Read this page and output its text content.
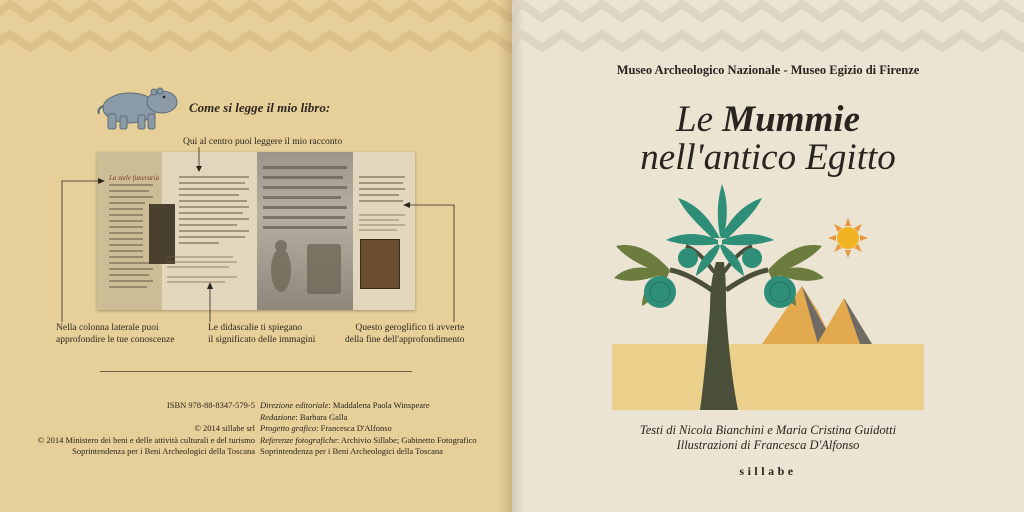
Come si legge il mio libro:
Qui al centro puoi leggere il mio racconto
La stele funeraria
Nella colonna laterale puoi
approfondire le tue conoscenze
Le didascalie ti spiegano
il significato delle immagini
Questo geroglifico ti avverte
della fine dell'approfondimento
ISBN 978-88-8347-579-5

© 2014 sillabe srl
© 2014 Ministero dei beni e delle attività culturali e del turismo
Soprintendenza per i Beni Archeologici della Toscana
Direzione editoriale: Maddalena Paola Winspeare
Redazione: Barbara Galla
Progetto grafico: Francesca D'Alfonso
Referenze fotografiche: Archivio Sillabe; Gabinetto Fotografico
Soprintendenza per i Beni Archeologici della Toscana
Museo Archeologico Nazionale - Museo Egizio di Firenze
Le Mummie
nell'antico Egitto
Testi di Nicola Bianchini e Maria Cristina Guidotti
Illustrazioni di Francesca D'Alfonso
sillabe
